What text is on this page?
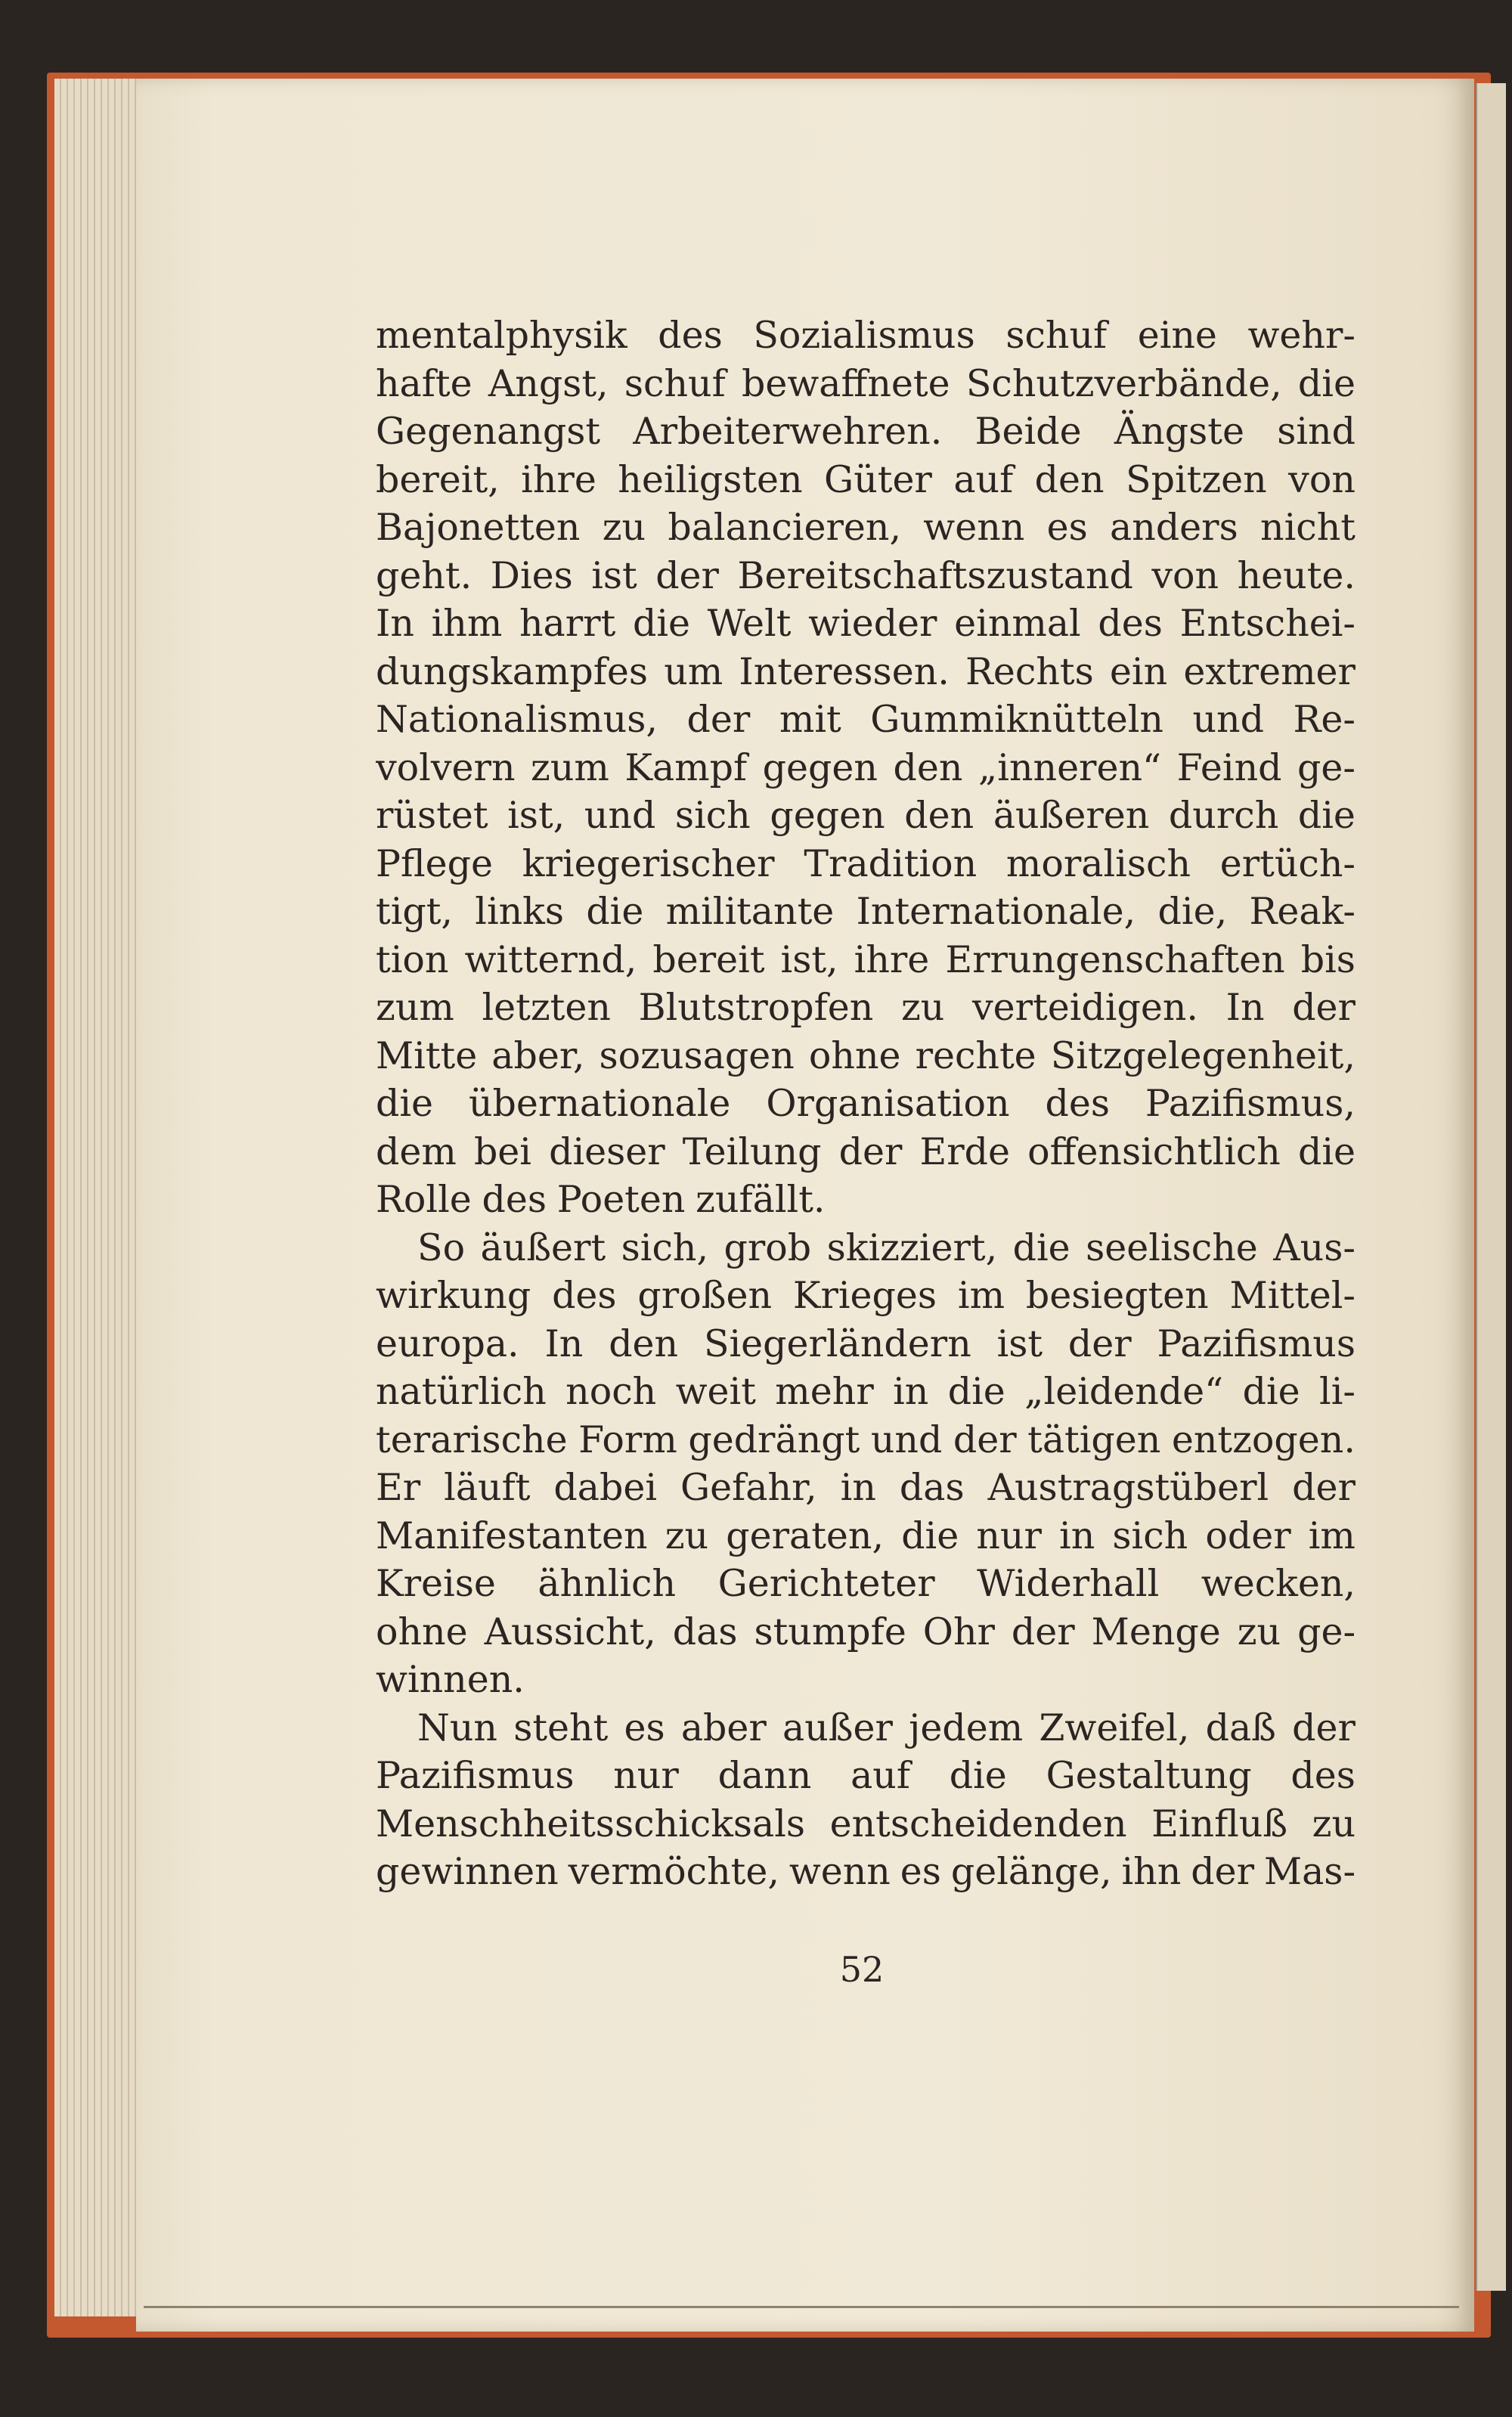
mentalphysik des Sozialismus schuf eine wehr-
hafte Angst, schuf bewaffnete Schutzverbände, die
Gegenangst Arbeiterwehren. Beide Ängste sind
bereit, ihre heiligsten Güter auf den Spitzen von
Bajonetten zu balancieren, wenn es anders nicht
geht. Dies ist der Bereitschaftszustand von heute.
In ihm harrt die Welt wieder einmal des Entschei-
dungskampfes um Interessen. Rechts ein extremer
Nationalismus, der mit Gummiknütteln und Re-
volvern zum Kampf gegen den „inneren“ Feind ge-
rüstet ist, und sich gegen den äußeren durch die
Pflege kriegerischer Tradition moralisch ertüch-
tigt, links die militante Internationale, die, Reak-
tion witternd, bereit ist, ihre Errungenschaften bis
zum letzten Blutstropfen zu verteidigen. In der
Mitte aber, sozusagen ohne rechte Sitzgelegenheit,
die übernationale Organisation des Pazifismus,
dem bei dieser Teilung der Erde offensichtlich die
Rolle des Poeten zufällt.
So äußert sich, grob skizziert, die seelische Aus-
wirkung des großen Krieges im besiegten Mittel-
europa. In den Siegerländern ist der Pazifismus
natürlich noch weit mehr in die „leidende“ die li-
terarische Form gedrängt und der tätigen entzogen.
Er läuft dabei Gefahr, in das Austragstüberl der
Manifestanten zu geraten, die nur in sich oder im
Kreise ähnlich Gerichteter Widerhall wecken,
ohne Aussicht, das stumpfe Ohr der Menge zu ge-
winnen.
Nun steht es aber außer jedem Zweifel, daß der
Pazifismus nur dann auf die Gestaltung des
Menschheitsschicksals entscheidenden Einfluß zu
gewinnen vermöchte, wenn es gelänge, ihn der Mas-
52
